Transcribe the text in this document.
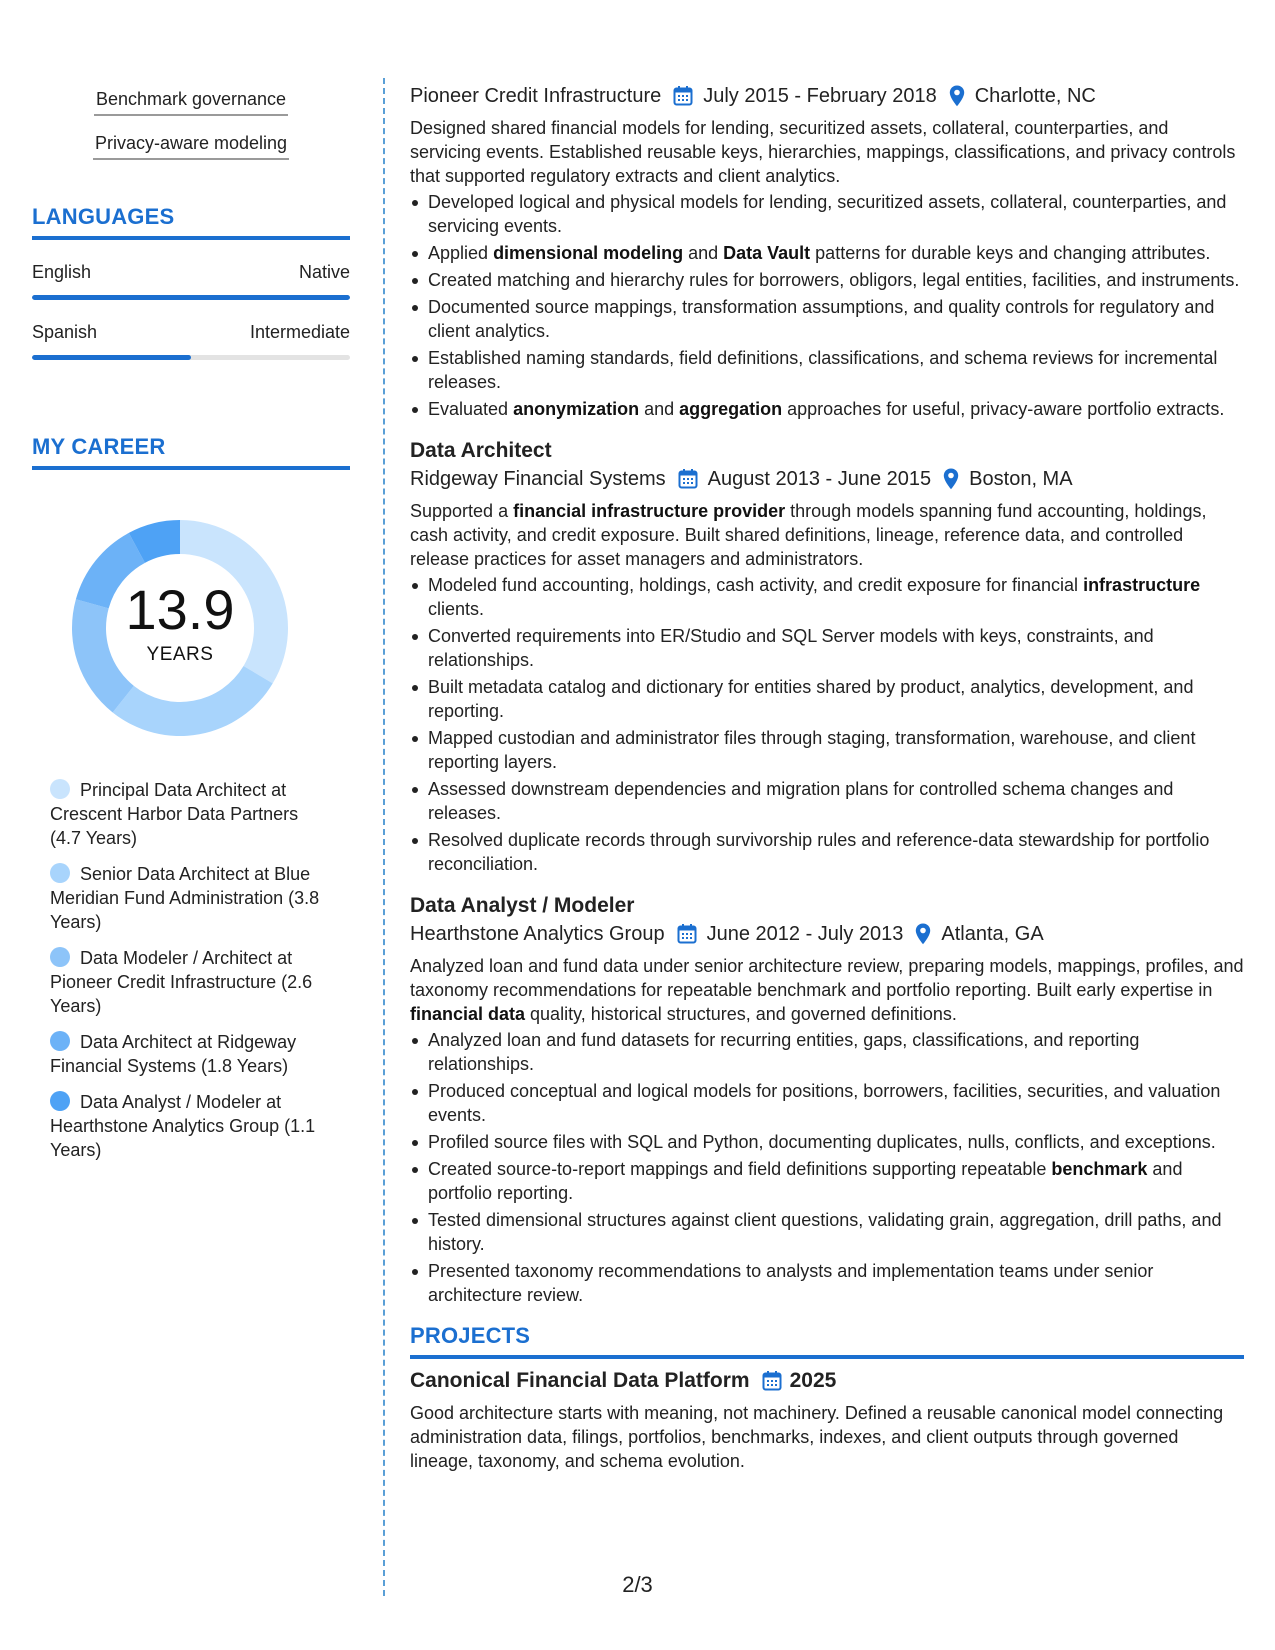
Benchmark governance
Privacy-aware modeling
LANGUAGES
English	Native
Spanish	Intermediate
MY CAREER
13.9
YEARS
Principal Data Architect at Crescent Harbor Data Partners (4.7 Years)
Senior Data Architect at Blue Meridian Fund Administration (3.8 Years)
Data Modeler / Architect at Pioneer Credit Infrastructure (2.6 Years)
Data Architect at Ridgeway Financial Systems (1.8 Years)
Data Analyst / Modeler at Hearthstone Analytics Group (1.1 Years)
Pioneer Credit Infrastructure July 2015 - February 2018 Charlotte, NC
Designed shared financial models for lending, securitized assets, collateral, counterparties, and servicing events. Established reusable keys, hierarchies, mappings, classifications, and privacy controls that supported regulatory extracts and client analytics.
Developed logical and physical models for lending, securitized assets, collateral, counterparties, and servicing events.
Applied dimensional modeling and Data Vault patterns for durable keys and changing attributes.
Created matching and hierarchy rules for borrowers, obligors, legal entities, facilities, and instruments.
Documented source mappings, transformation assumptions, and quality controls for regulatory and client analytics.
Established naming standards, field definitions, classifications, and schema reviews for incremental releases.
Evaluated anonymization and aggregation approaches for useful, privacy-aware portfolio extracts.
Data Architect
Ridgeway Financial Systems August 2013 - June 2015 Boston, MA
Supported a financial infrastructure provider through models spanning fund accounting, holdings, cash activity, and credit exposure. Built shared definitions, lineage, reference data, and controlled release practices for asset managers and administrators.
Modeled fund accounting, holdings, cash activity, and credit exposure for financial infrastructure clients.
Converted requirements into ER/Studio and SQL Server models with keys, constraints, and relationships.
Built metadata catalog and dictionary for entities shared by product, analytics, development, and reporting.
Mapped custodian and administrator files through staging, transformation, warehouse, and client reporting layers.
Assessed downstream dependencies and migration plans for controlled schema changes and releases.
Resolved duplicate records through survivorship rules and reference-data stewardship for portfolio reconciliation.
Data Analyst / Modeler
Hearthstone Analytics Group June 2012 - July 2013 Atlanta, GA
Analyzed loan and fund data under senior architecture review, preparing models, mappings, profiles, and taxonomy recommendations for repeatable benchmark and portfolio reporting. Built early expertise in financial data quality, historical structures, and governed definitions.
Analyzed loan and fund datasets for recurring entities, gaps, classifications, and reporting relationships.
Produced conceptual and logical models for positions, borrowers, facilities, securities, and valuation events.
Profiled source files with SQL and Python, documenting duplicates, nulls, conflicts, and exceptions.
Created source-to-report mappings and field definitions supporting repeatable benchmark and portfolio reporting.
Tested dimensional structures against client questions, validating grain, aggregation, drill paths, and history.
Presented taxonomy recommendations to analysts and implementation teams under senior architecture review.
PROJECTS
Canonical Financial Data Platform 2025
Good architecture starts with meaning, not machinery. Defined a reusable canonical model connecting administration data, filings, portfolios, benchmarks, indexes, and client outputs through governed lineage, taxonomy, and schema evolution.
2/3
